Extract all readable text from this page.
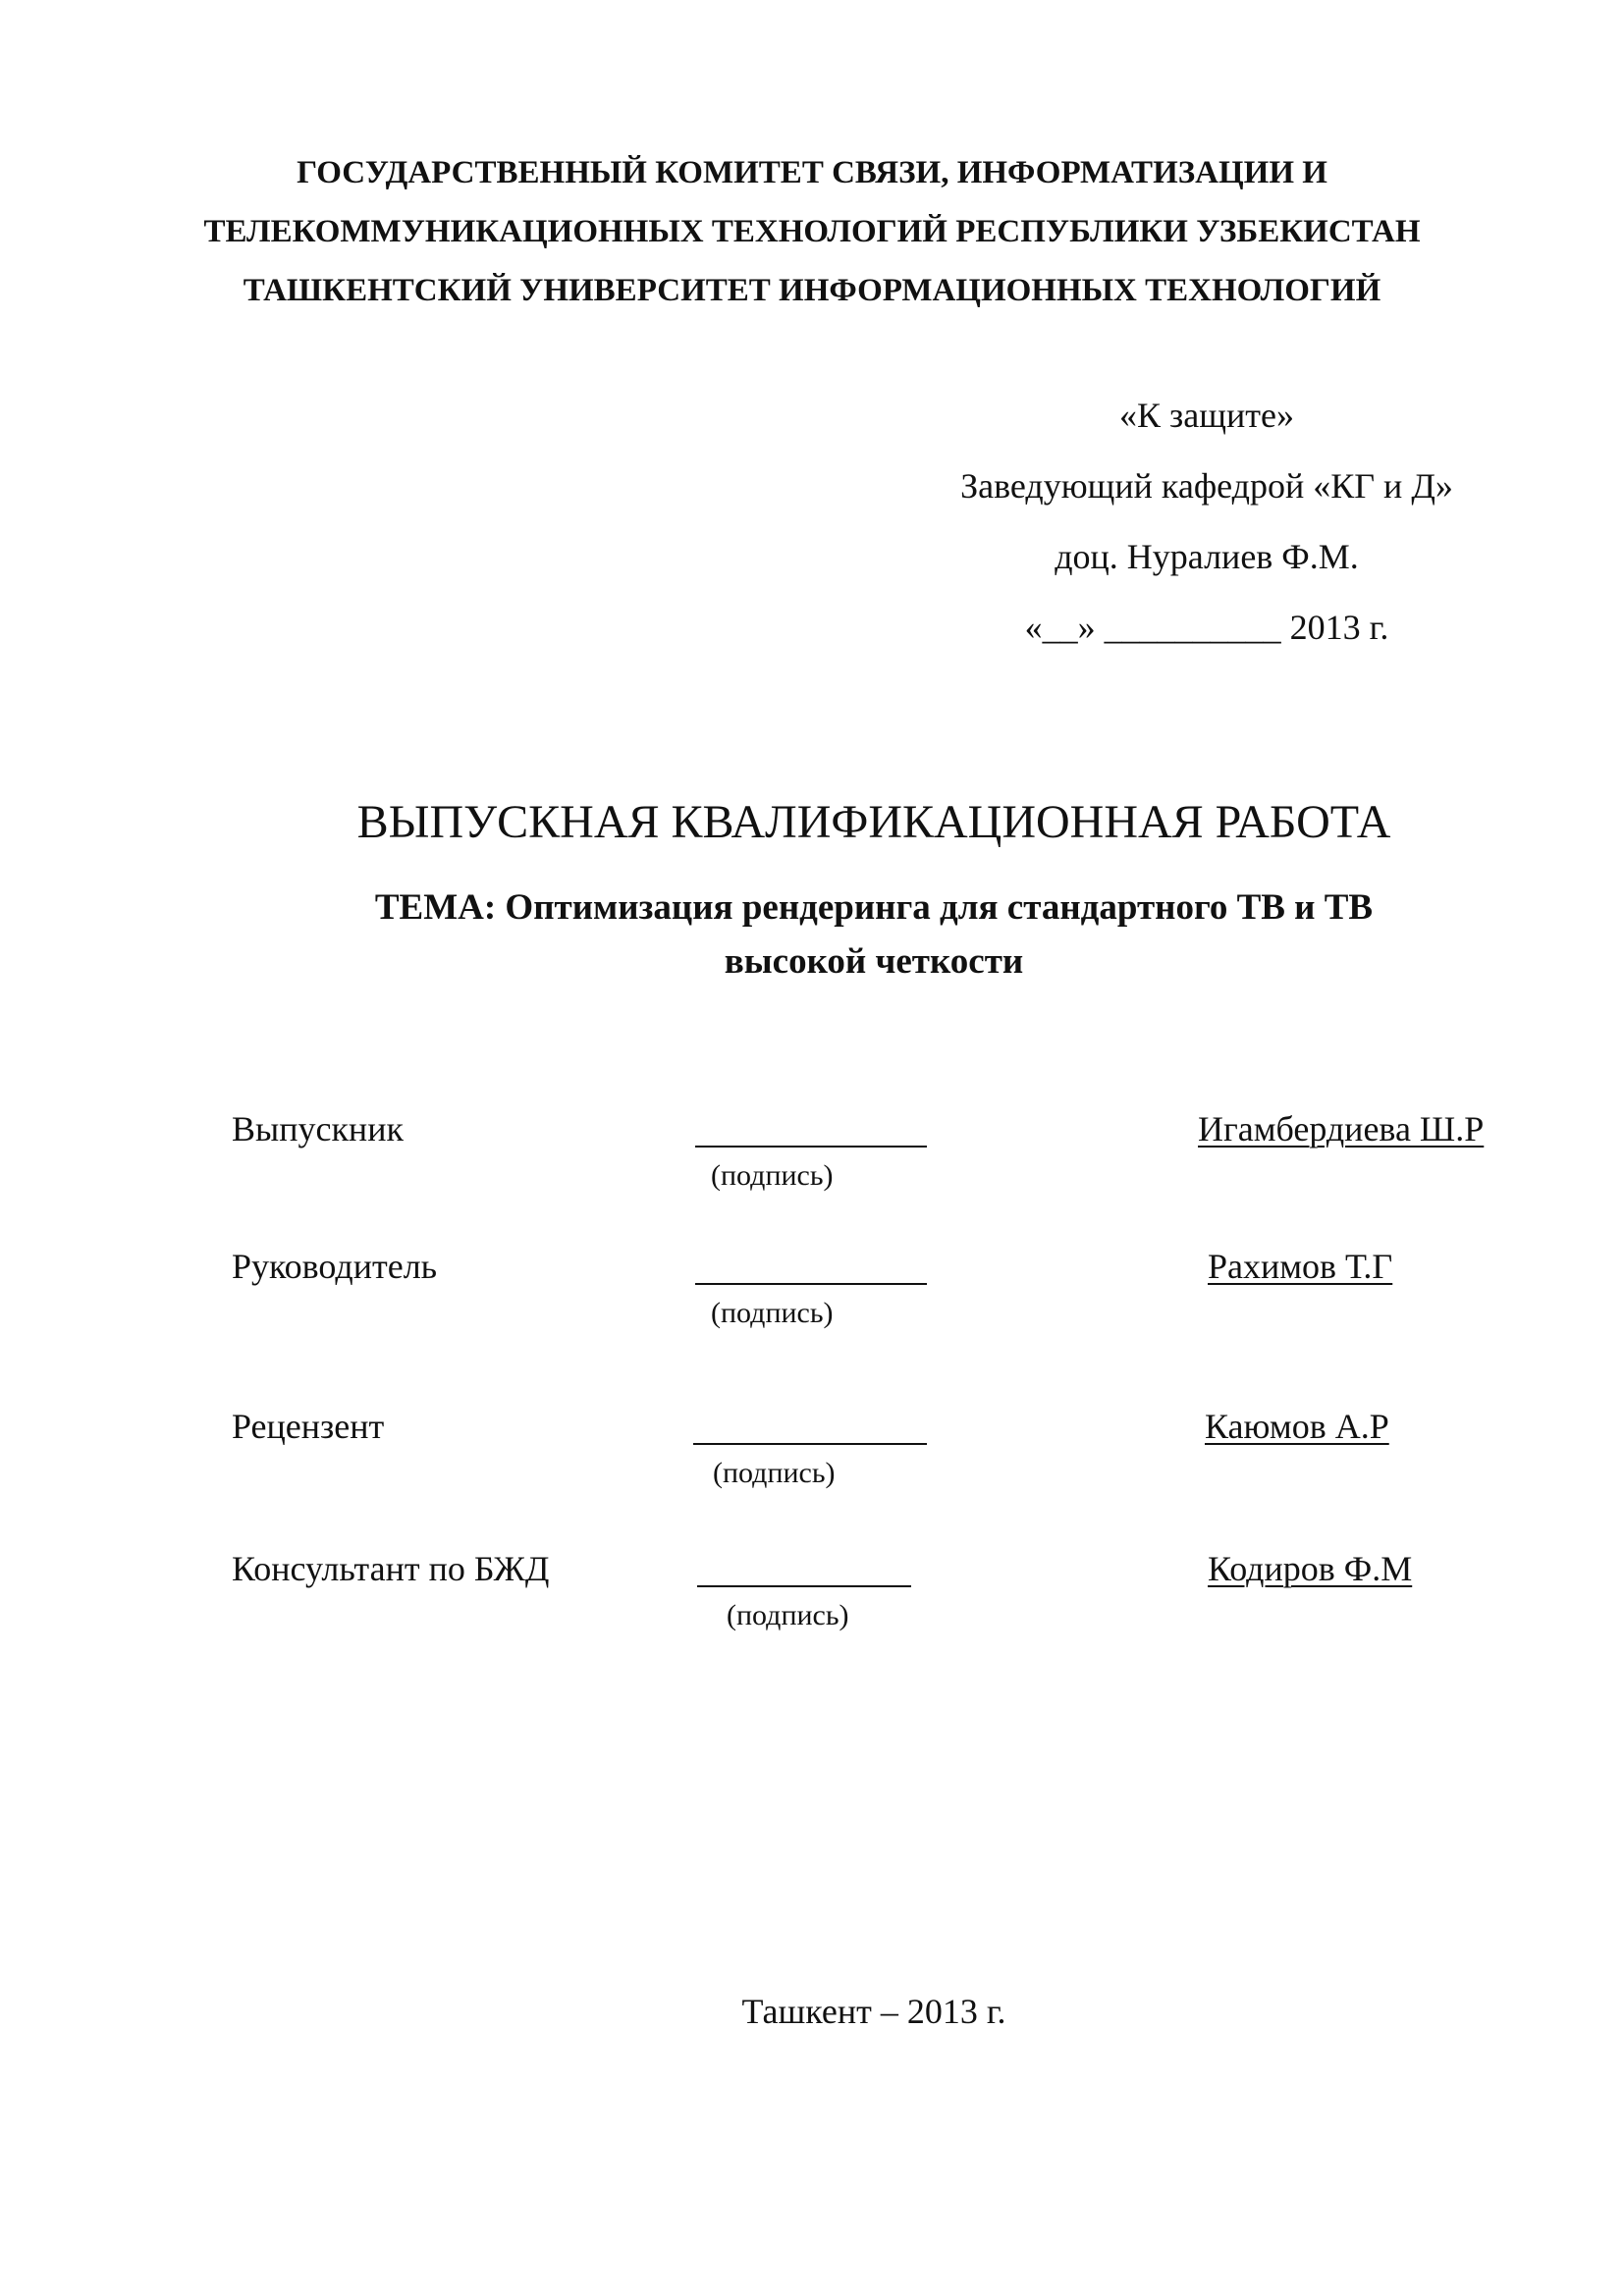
ГОСУДАРСТВЕННЫЙ КОМИТЕТ СВЯЗИ, ИНФОРМАТИЗАЦИИ И
ТЕЛЕКОММУНИКАЦИОННЫХ ТЕХНОЛОГИЙ РЕСПУБЛИКИ УЗБЕКИСТАН
ТАШКЕНТСКИЙ УНИВЕРСИТЕТ ИНФОРМАЦИОННЫХ ТЕХНОЛОГИЙ
«К защите»
Заведующий кафедрой «КГ и Д»
доц. Нуралиев Ф.М.
«__» __________ 2013 г.
ВЫПУСКНАЯ КВАЛИФИКАЦИОННАЯ РАБОТА
ТЕМА: Оптимизация рендеринга для стандартного ТВ и ТВ
высокой четкости
Выпускник
(подпись)
Игамбердиева Ш.Р
Руководитель
(подпись)
Рахимов Т.Г
Рецензент
(подпись)
Каюмов А.Р
Консультант по БЖД
(подпись)
Кодиров Ф.М
Ташкент – 2013 г.
